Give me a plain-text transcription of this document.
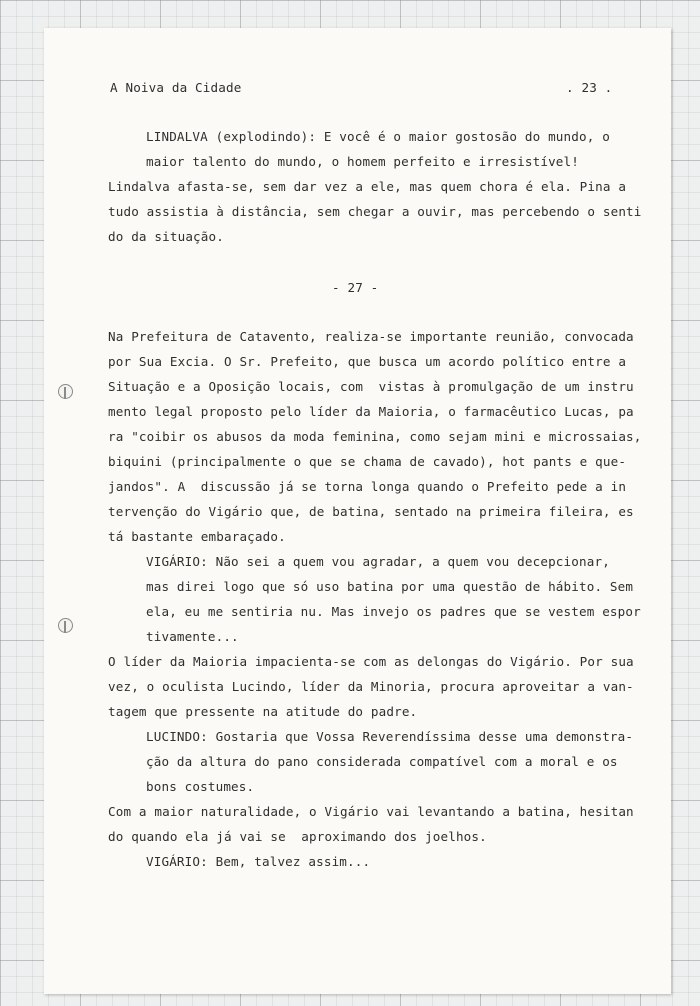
A Noiva da Cidade	. 23 .
LINDALVA (explodindo): E você é o maior gostosão do mundo, o
maior talento do mundo, o homem perfeito e irresistível!
Lindalva afasta-se, sem dar vez a ele, mas quem chora é ela. Pina a
tudo assistia à distância, sem chegar a ouvir, mas percebendo o senti
do da situação.
- 27 -
Na Prefeitura de Catavento, realiza-se importante reunião, convocada
por Sua Excia. O Sr. Prefeito, que busca um acordo político entre a
Situação e a Oposição locais, com  vistas à promulgação de um instru
mento legal proposto pelo líder da Maioria, o farmacêutico Lucas, pa
ra "coibir os abusos da moda feminina, como sejam mini e microssaias,
biquini (principalmente o que se chama de cavado), hot pants e que-
jandos". A  discussão já se torna longa quando o Prefeito pede a in
tervenção do Vigário que, de batina, sentado na primeira fileira, es
tá bastante embaraçado.
VIGÁRIO: Não sei a quem vou agradar, a quem vou decepcionar,
mas direi logo que só uso batina por uma questão de hábito. Sem
ela, eu me sentiria nu. Mas invejo os padres que se vestem espor
tivamente...
O líder da Maioria impacienta-se com as delongas do Vigário. Por sua
vez, o oculista Lucindo, líder da Minoria, procura aproveitar a van-
tagem que pressente na atitude do padre.
LUCINDO: Gostaria que Vossa Reverendíssima desse uma demonstra-
ção da altura do pano considerada compatível com a moral e os
bons costumes.
Com a maior naturalidade, o Vigário vai levantando a batina, hesitan
do quando ela já vai se  aproximando dos joelhos.
VIGÁRIO: Bem, talvez assim...
